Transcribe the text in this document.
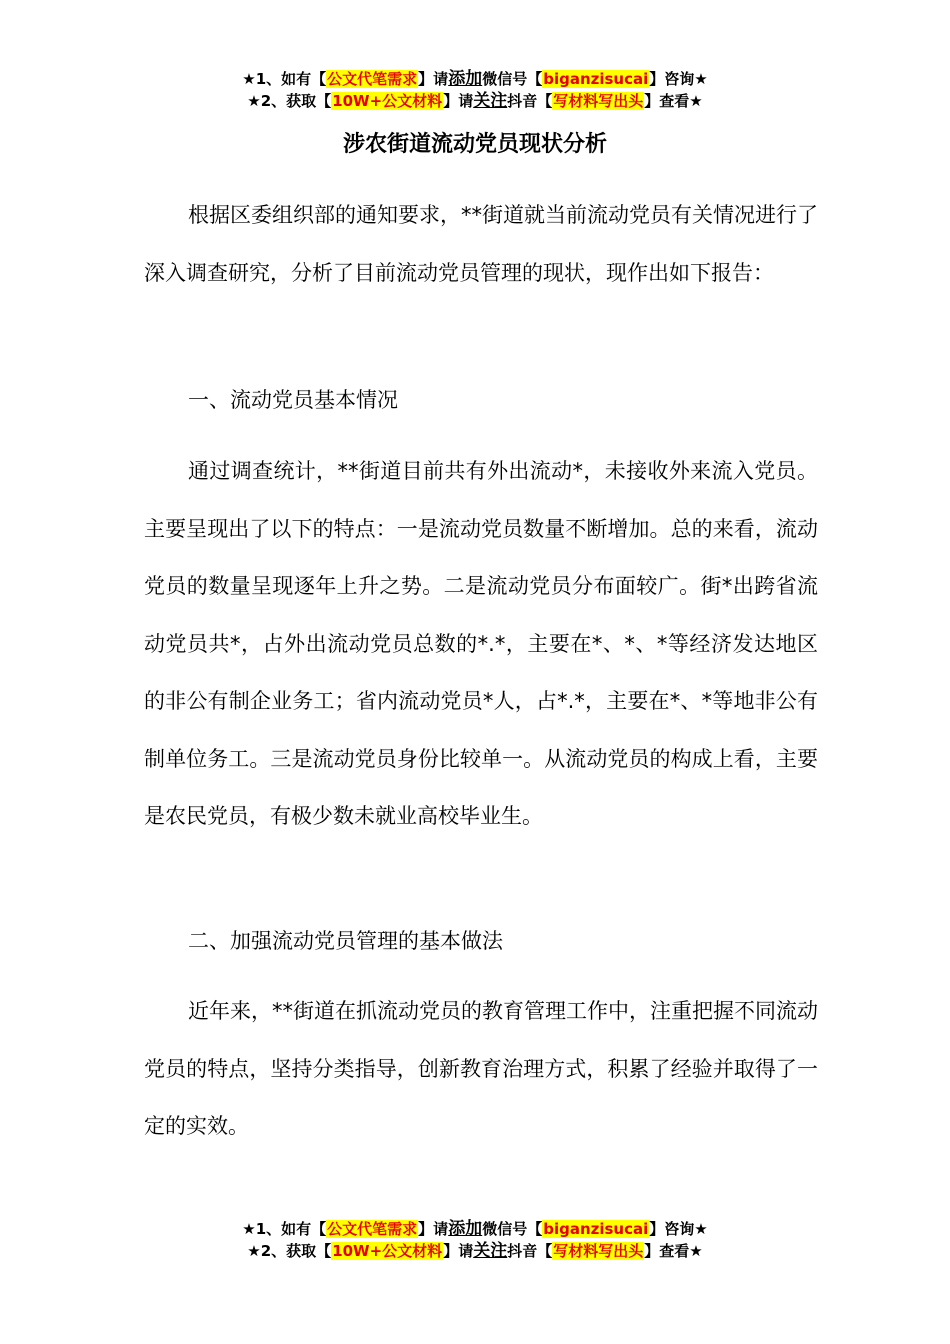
★1、如有【公文代笔需求】请添加微信号【biganzisucai】咨询★
★2、获取【10W+公文材料】请关注抖音【写材料写出头】查看★
涉农街道流动党员现状分析

根据区委组织部的通知要求，**街道就当前流动党员有关情况进行了深入调查研究，分析了目前流动党员管理的现状，现作出如下报告：

一、流动党员基本情况

通过调查统计，**街道目前共有外出流动*，未接收外来流入党员。主要呈现出了以下的特点：一是流动党员数量不断增加。总的来看，流动党员的数量呈现逐年上升之势。二是流动党员分布面较广。街*出跨省流动党员共*，占外出流动党员总数的*.*，主要在*、*、*等经济发达地区的非公有制企业务工；省内流动党员*人，占*.*，主要在*、*等地非公有制单位务工。三是流动党员身份比较单一。从流动党员的构成上看，主要是农民党员，有极少数未就业高校毕业生。

二、加强流动党员管理的基本做法

近年来，**街道在抓流动党员的教育管理工作中，注重把握不同流动党员的特点，坚持分类指导，创新教育治理方式，积累了经验并取得了一定的实效。

★1、如有【公文代笔需求】请添加微信号【biganzisucai】咨询★
★2、获取【10W+公文材料】请关注抖音【写材料写出头】查看★
